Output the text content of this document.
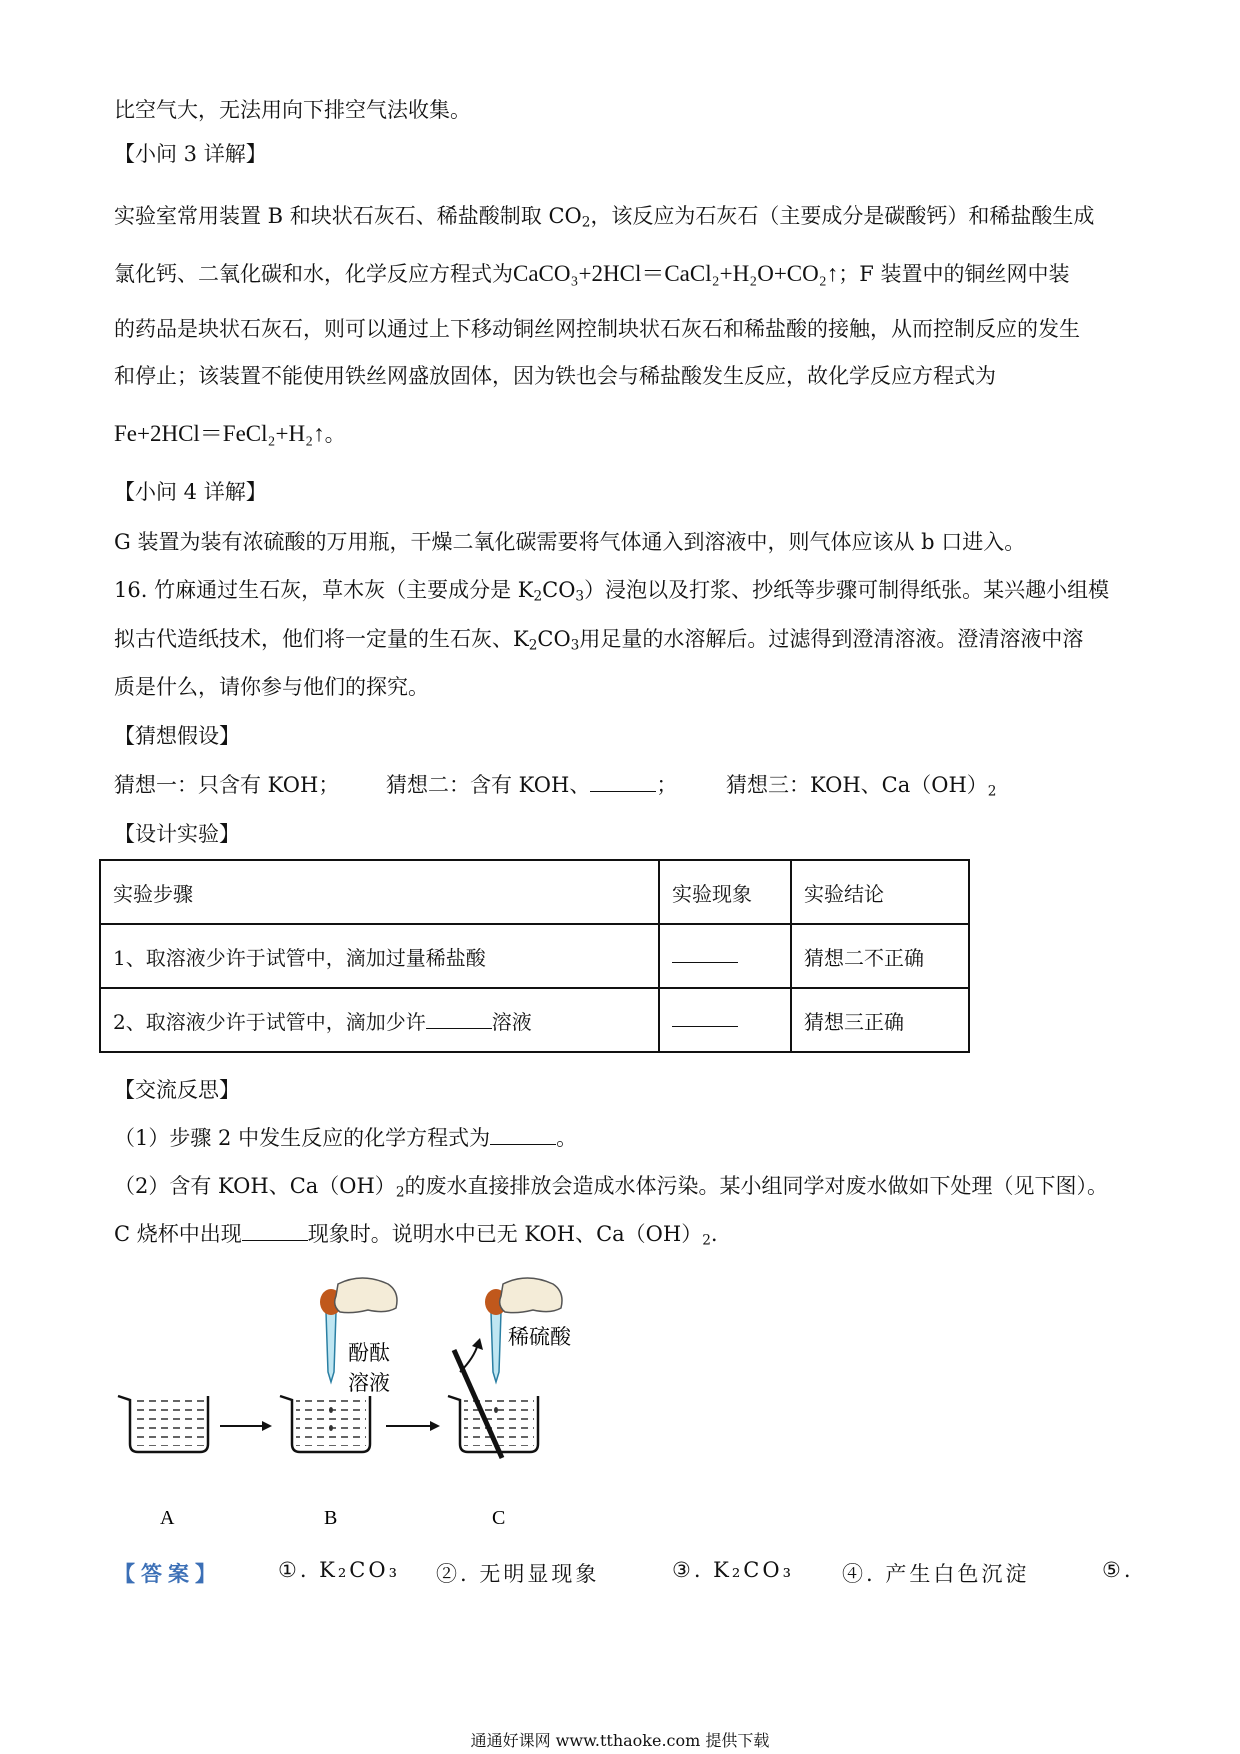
比空气大，无法用向下排空气法收集。
【小问 3 详解】
实验室常用装置 B 和块状石灰石、稀盐酸制取 $CO_2$，该反应为石灰石（主要成分是碳酸钙）和稀盐酸生成
氯化钙、二氧化碳和水，化学反应方程式为CaCO₃+2HCl＝CaCl₂+H₂O+CO₂↑；F 装置中的铜丝网中装
的药品是块状石灰石，则可以通过上下移动铜丝网控制块状石灰石和稀盐酸的接触，从而控制反应的发生
和停止；该装置不能使用铁丝网盛放固体，因为铁也会与稀盐酸发生反应，故化学反应方程式为
Fe+2HCl＝FeCl₂+H₂↑。
【小问 4 详解】
G 装置为装有浓硫酸的万用瓶，干燥二氧化碳需要将气体通入到溶液中，则气体应该从 b 口进入。
16. 竹麻通过生石灰，草木灰（主要成分是 $K_2CO_3$）浸泡以及打浆、抄纸等步骤可制得纸张。某兴趣小组模
拟古代造纸技术，他们将一定量的生石灰、$K_2CO_3$用足量的水溶解后。过滤得到澄清溶液。澄清溶液中溶
质是什么，请你参与他们的探究。
【猜想假设】
猜想一：只含有 KOH； 猜想二：含有 KOH、	； 猜想三：KOH、$Ca(OH)_2$
【设计实验】
实验步骤	实验现象	实验结论
1、取溶液少许于试管中，滴加过量稀盐酸		猜想二不正确
2、取溶液少许于试管中，滴加少许 溶液		猜想三正确
【交流反思】
（1）步骤 2 中发生反应的化学方程式为	。
（2）含有 KOH、$Ca(OH)_2$的废水直接排放会造成水体污染。某小组同学对废水做如下处理（见下图）。
C 烧杯中出现	现象时。说明水中已无 KOH、$Ca(OH)_2$.
酚酞
溶液
稀硫酸
A	B	C
【答案】	①. K₂CO₃ ②. 无明显现象	③. K₂CO₃ ④. 产生白色沉淀	⑤.
通通好课网 www.tthaoke.com 提供下载
